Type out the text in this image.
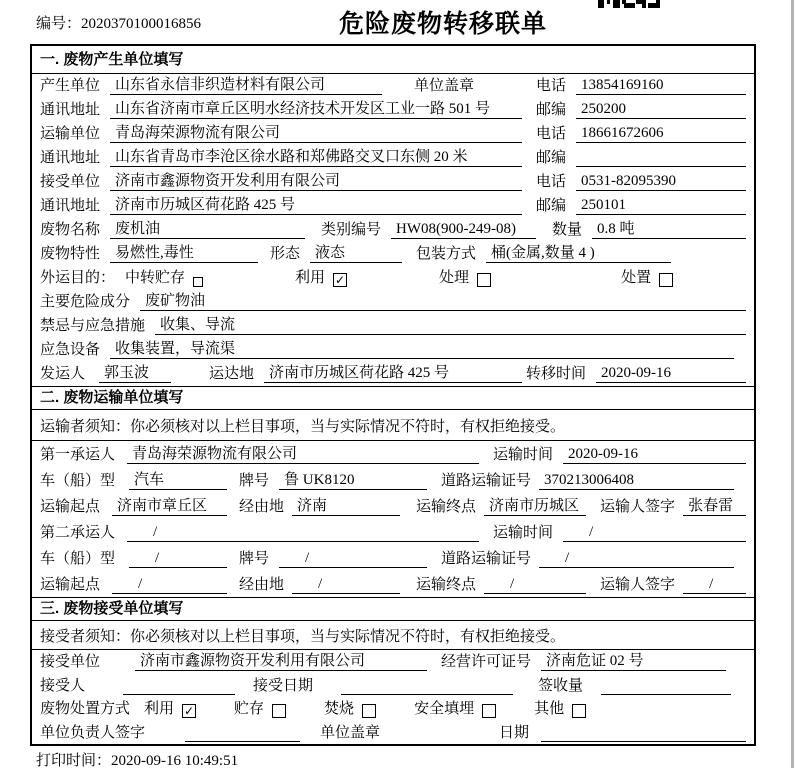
编号：2020370100016856	危险废物转移联单
一. 废物产生单位填写
产生单位	山东省永信非织造材料有限公司	单位盖章	电话	13854169160
通讯地址	山东省济南市章丘区明水经济技术开发区工业一路 501 号	邮编	250200
运输单位	青岛海荣源物流有限公司	电话	18661672606
通讯地址	山东省青岛市李沧区徐水路和郑佛路交叉口东侧 20 米	邮编
接受单位	济南市鑫源物资开发利用有限公司	电话	0531-82095390
通讯地址	济南市历城区荷花路 425 号	邮编	250101
废物名称	废机油	类别编号	HW08(900-249-08)	数量	0.8 吨
废物特性	易燃性,毒性	形态	液态	包装方式	桶(金属,数量 4 )
外运目的： 中转贮存	利用 ✓	处理	处置
主要危险成分	废矿物油
禁忌与应急措施	收集、导流
应急设备	收集装置，导流渠
发运人	郭玉波	运达地	济南市历城区荷花路 425 号	转移时间	2020-09-16
二. 废物运输单位填写
运输者须知：你必须核对以上栏目事项，当与实际情况不符时，有权拒绝接受。
第一承运人	青岛海荣源物流有限公司	运输时间	2020-09-16
车（船）型	汽车	牌号	鲁 UK8120	道路运输证号 370213006408
运输起点	济南市章丘区	经由地 济南	运输终点 济南市历城区	运输人签字 张春雷
第二承运人	/	运输时间	/
车（船）型	/	牌号	/	道路运输证号	/
运输起点	/	经由地	/	运输终点	/	运输人签字	/
三. 废物接受单位填写
接受者须知：你必须核对以上栏目事项，当与实际情况不符时，有权拒绝接受。
接受单位	济南市鑫源物资开发利用有限公司	经营许可证号	济南危证 02 号
接受人	接受日期	签收量
废物处置方式 利用 ✓	贮存	焚烧	安全填埋	其他
单位负责人签字	单位盖章	日期
打印时间：2020-09-16 10:49:51
